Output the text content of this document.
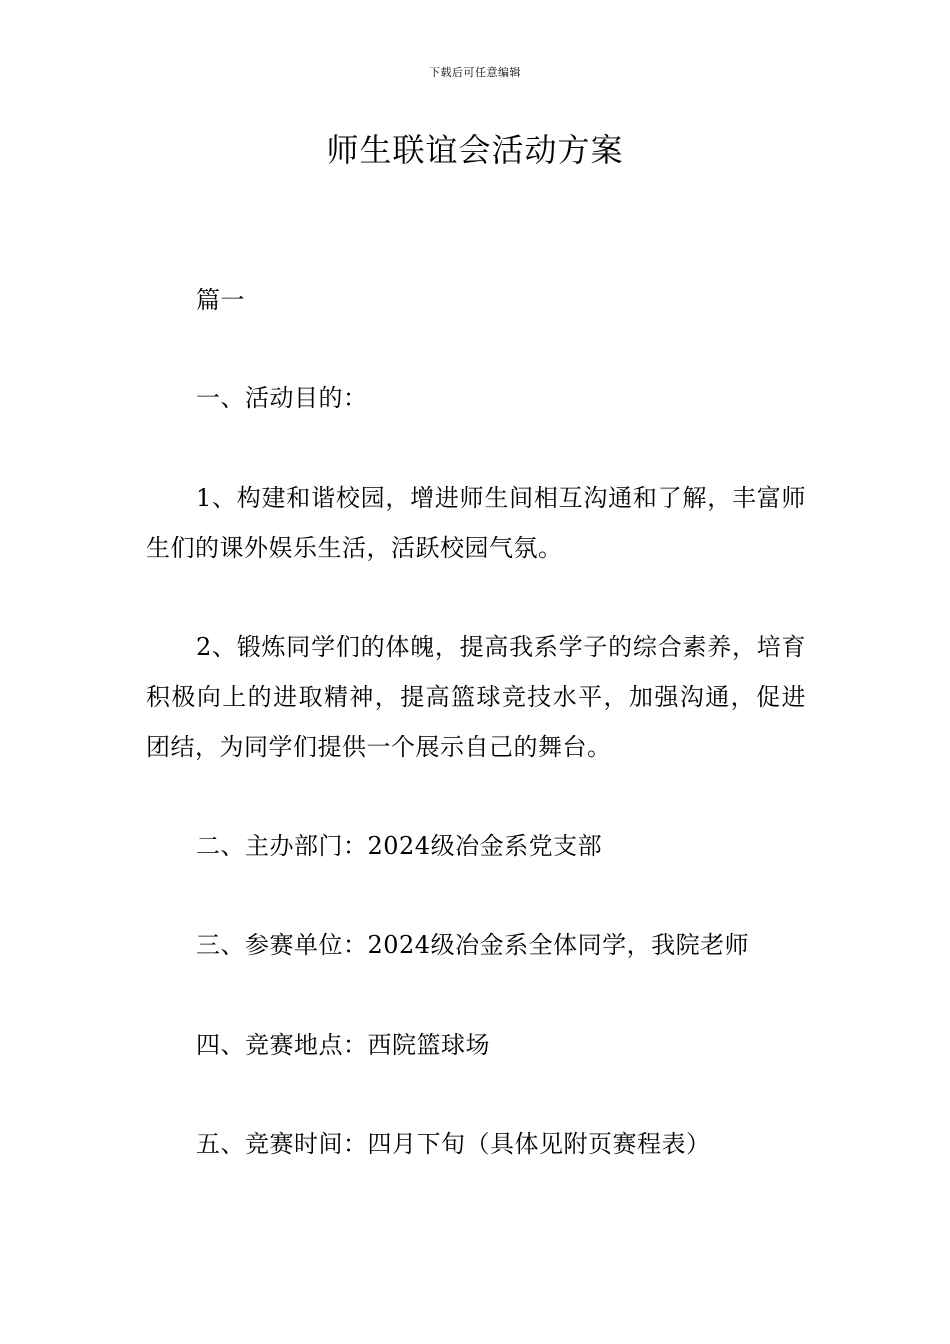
下载后可任意编辑
师生联谊会活动方案

篇一

一、活动目的：

1、构建和谐校园，增进师生间相互沟通和了解，丰富师生们的课外娱乐生活，活跃校园气氛。

2、锻炼同学们的体魄，提高我系学子的综合素养，培育积极向上的进取精神，提高篮球竞技水平，加强沟通，促进团结，为同学们提供一个展示自己的舞台。

二、主办部门：2024级冶金系党支部

三、参赛单位：2024级冶金系全体同学，我院老师

四、竞赛地点：西院篮球场

五、竞赛时间：四月下旬（具体见附页赛程表）
